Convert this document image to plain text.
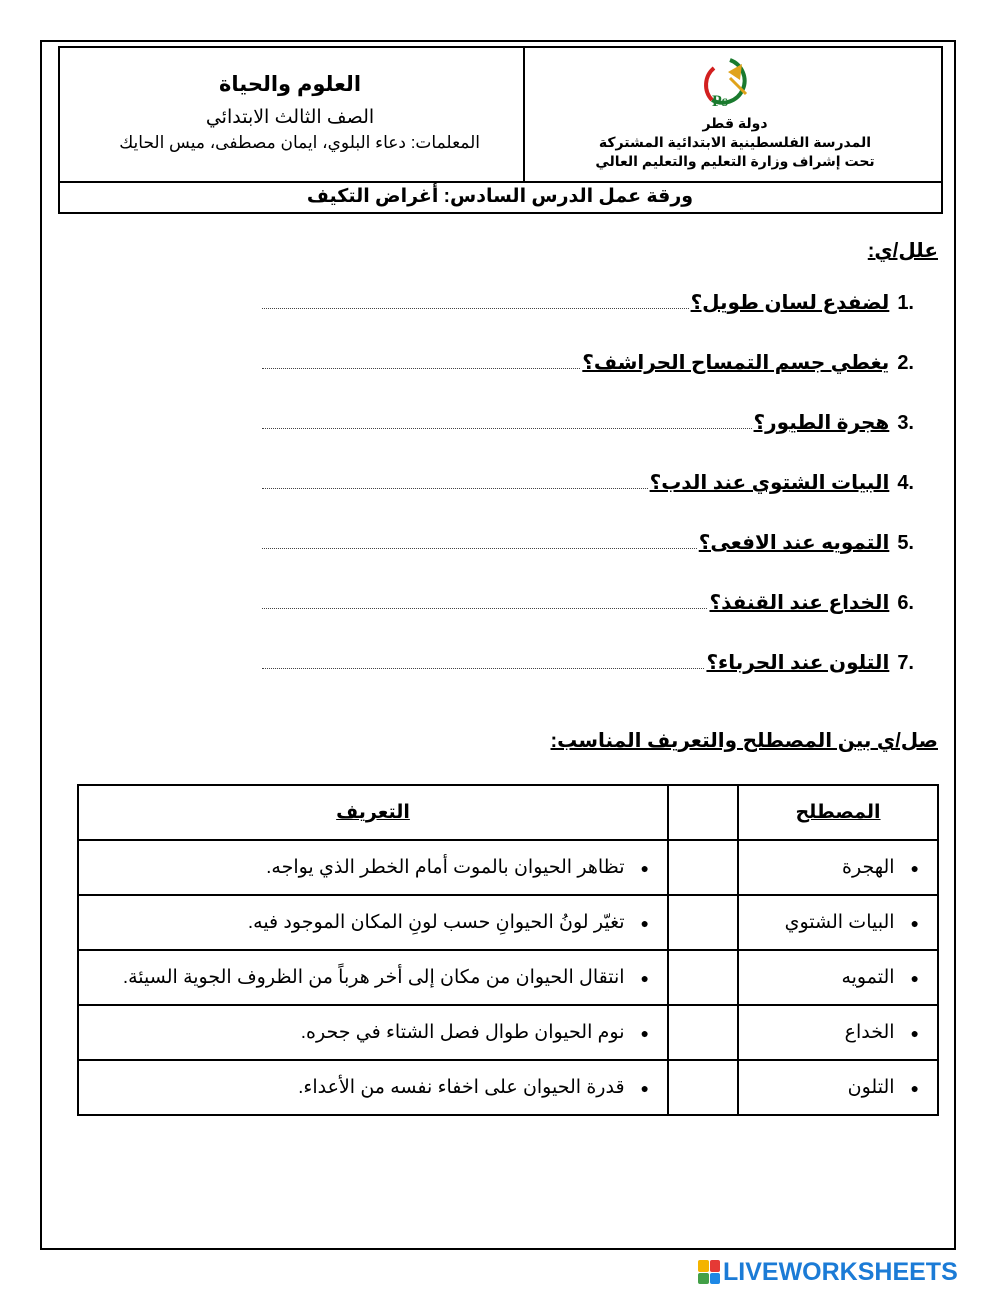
العلوم والحياة
الصف الثالث الابتدائي
المعلمات: دعاء البلوي، ايمان مصطفى، ميس الحايك
Ps
دولة قطر
المدرسة الفلسطينية الابتدائية المشتركة
تحت إشراف وزارة التعليم والتعليم العالي
ورقة عمل الدرس السادس: أغراض التكيف
علل/ي:
1.
لضفدع لسان طويل؟
2.
يغطي جسم التمساح الحراشف؟
3.
هجرة الطيور؟
4.
البيات الشتوي عند الدب؟
5.
التمويه عند الافعى؟
6.
الخداع عند القنفذ؟
7.
التلون عند الحرباء؟
صل/ي بين المصطلح والتعريف المناسب:
المصطلح		التعريف
●الهجرة		●تظاهر الحيوان بالموت أمام الخطر الذي يواجه.
●البيات الشتوي		●تغيّر لونُ الحيوانِ حسب لونِ المكان الموجود فيه.
●التمويه		●انتقال الحيوان من مكان إلى أخر هرباً من الظروف الجوية السيئة.
●الخداع		●نوم الحيوان طوال فصل الشتاء في جحره.
●التلون		●قدرة الحيوان على اخفاء نفسه من الأعداء.
LIVEWORKSHEETS
